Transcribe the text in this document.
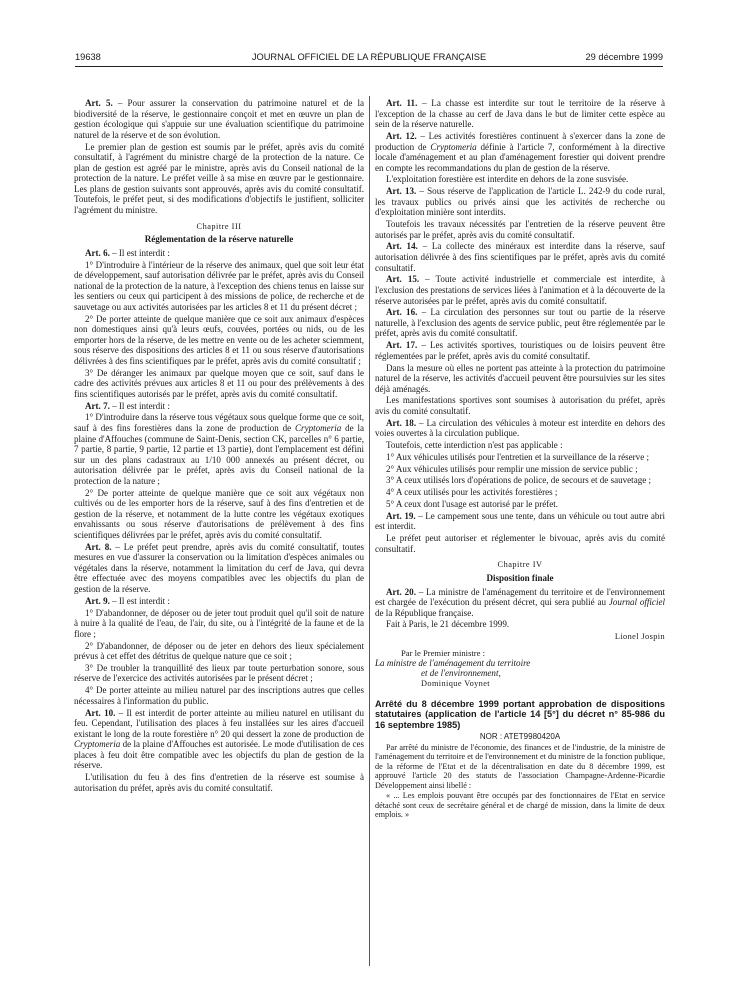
19638	JOURNAL OFFICIEL DE LA RÉPUBLIQUE FRANÇAISE	29 décembre 1999

Art. 5. – Pour assurer la conservation du patrimoine naturel et de la biodiversité de la réserve, le gestionnaire conçoit et met en œuvre un plan de gestion écologique qui s'appuie sur une évaluation scientifique du patrimoine naturel de la réserve et de son évolution.

Le premier plan de gestion est soumis par le préfet, après avis du comité consultatif, à l'agrément du ministre chargé de la protection de la nature. Ce plan de gestion est agréé par le ministre, après avis du Conseil national de la protection de la nature. Le préfet veille à sa mise en œuvre par le gestionnaire. Les plans de gestion suivants sont approuvés, après avis du comité consultatif. Toutefois, le préfet peut, si des modifications d'objectifs le justifient, solliciter l'agrément du ministre.

Chapitre III
Réglementation de la réserve naturelle

Art. 6. – Il est interdit :

1° D'introduire à l'intérieur de la réserve des animaux, quel que soit leur état de développement, sauf autorisation délivrée par le préfet, après avis du Conseil national de la protection de la nature, à l'exception des chiens tenus en laisse sur les sentiers ou ceux qui participent à des missions de police, de recherche et de sauvetage ou aux activités autorisées par les articles 8 et 11 du présent décret ;

2° De porter atteinte de quelque manière que ce soit aux animaux d'espèces non domestiques ainsi qu'à leurs œufs, couvées, portées ou nids, ou de les emporter hors de la réserve, de les mettre en vente ou de les acheter sciemment, sous réserve des dispositions des articles 8 et 11 ou sous réserve d'autorisations délivrées à des fins scientifiques par le préfet, après avis du comité consultatif ;

3° De déranger les animaux par quelque moyen que ce soit, sauf dans le cadre des activités prévues aux articles 8 et 11 ou pour des prélèvements à des fins scientifiques autorisés par le préfet, après avis du comité consultatif.

Art. 7. – Il est interdit :

1° D'introduire dans la réserve tous végétaux sous quelque forme que ce soit, sauf à des fins forestières dans la zone de production de Cryptomeria de la plaine d'Affouches (commune de Saint-Denis, section CK, parcelles n° 6 partie, 7 partie, 8 partie, 9 partie, 12 partie et 13 partie), dont l'emplacement est défini sur un des plans cadastraux au 1/10 000 annexés au présent décret, ou autorisation délivrée par le préfet, après avis du Conseil national de la protection de la nature ;

2° De porter atteinte de quelque manière que ce soit aux végétaux non cultivés ou de les emporter hors de la réserve, sauf à des fins d'entretien et de gestion de la réserve, et notamment de la lutte contre les végétaux exotiques envahissants ou sous réserve d'autorisations de prélèvement à des fins scientifiques délivrées par le préfet, après avis du comité consultatif.

Art. 8. – Le préfet peut prendre, après avis du comité consultatif, toutes mesures en vue d'assurer la conservation ou la limitation d'espèces animales ou végétales dans la réserve, notamment la limitation du cerf de Java, qui devra être effectuée avec des moyens compatibles avec les objectifs du plan de gestion de la réserve.

Art. 9. – Il est interdit :

1° D'abandonner, de déposer ou de jeter tout produit quel qu'il soit de nature à nuire à la qualité de l'eau, de l'air, du site, ou à l'intégrité de la faune et de la flore ;

2° D'abandonner, de déposer ou de jeter en dehors des lieux spécialement prévus à cet effet des détritus de quelque nature que ce soit ;

3° De troubler la tranquillité des lieux par toute perturbation sonore, sous réserve de l'exercice des activités autorisées par le présent décret ;

4° De porter atteinte au milieu naturel par des inscriptions autres que celles nécessaires à l'information du public.

Art. 10. – Il est interdit de porter atteinte au milieu naturel en utilisant du feu. Cependant, l'utilisation des places à feu installées sur les aires d'accueil existant le long de la route forestière n° 20 qui dessert la zone de production de Cryptomeria de la plaine d'Affouches est autorisée. Le mode d'utilisation de ces places à feu doit être compatible avec les objectifs du plan de gestion de la réserve.

L'utilisation du feu à des fins d'entretien de la réserve est soumise à autorisation du préfet, après avis du comité consultatif.

Art. 11. – La chasse est interdite sur tout le territoire de la réserve à l'exception de la chasse au cerf de Java dans le but de limiter cette espèce au sein de la réserve naturelle.

Art. 12. – Les activités forestières continuent à s'exercer dans la zone de production de Cryptomeria définie à l'article 7, conformément à la directive locale d'aménagement et au plan d'aménagement forestier qui doivent prendre en compte les recommandations du plan de gestion de la réserve.

L'exploitation forestière est interdite en dehors de la zone susvisée.

Art. 13. – Sous réserve de l'application de l'article L. 242-9 du code rural, les travaux publics ou privés ainsi que les activités de recherche ou d'exploitation minière sont interdits.

Toutefois les travaux nécessités par l'entretien de la réserve peuvent être autorisés par le préfet, après avis du comité consultatif.

Art. 14. – La collecte des minéraux est interdite dans la réserve, sauf autorisation délivrée à des fins scientifiques par le préfet, après avis du comité consultatif.

Art. 15. – Toute activité industrielle et commerciale est interdite, à l'exclusion des prestations de services liées à l'animation et à la découverte de la réserve autorisées par le préfet, après avis du comité consultatif.

Art. 16. – La circulation des personnes sur tout ou partie de la réserve naturelle, à l'exclusion des agents de service public, peut être réglementée par le préfet, après avis du comité consultatif.

Art. 17. – Les activités sportives, touristiques ou de loisirs peuvent être réglementées par le préfet, après avis du comité consultatif.

Dans la mesure où elles ne portent pas atteinte à la protection du patrimoine naturel de la réserve, les activités d'accueil peuvent être poursuivies sur les sites déjà aménagés.

Les manifestations sportives sont soumises à autorisation du préfet, après avis du comité consultatif.

Art. 18. – La circulation des véhicules à moteur est interdite en dehors des voies ouvertes à la circulation publique.

Toutefois, cette interdiction n'est pas applicable :

1° Aux véhicules utilisés pour l'entretien et la surveillance de la réserve ;

2° Aux véhicules utilisés pour remplir une mission de service public ;

3° A ceux utilisés lors d'opérations de police, de secours et de sauvetage ;

4° A ceux utilisés pour les activités forestières ;

5° A ceux dont l'usage est autorisé par le préfet.

Art. 19. – Le campement sous une tente, dans un véhicule ou tout autre abri est interdit.

Le préfet peut autoriser et réglementer le bivouac, après avis du comité consultatif.

Chapitre IV
Disposition finale

Art. 20. – La ministre de l'aménagement du territoire et de l'environnement est chargée de l'exécution du présent décret, qui sera publié au Journal officiel de la République française.

Fait à Paris, le 21 décembre 1999.

Lionel Jospin
Par le Premier ministre :
La ministre de l'aménagement du territoire
et de l'environnement,
Dominique Voynet

Arrêté du 8 décembre 1999 portant approbation de dispositions statutaires (application de l'article 14 [5°] du décret n° 85-986 du 16 septembre 1985)

NOR : ATET9980420A

Par arrêté du ministre de l'économie, des finances et de l'industrie, de la ministre de l'aménagement du territoire et de l'environnement et du ministre de la fonction publique, de la réforme de l'Etat et de la décentralisation en date du 8 décembre 1999, est approuvé l'article 20 des statuts de l'association Champagne-Ardenne-Picardie Développement ainsi libellé :

« ... Les emplois pouvant être occupés par des fonctionnaires de l'Etat en service détaché sont ceux de secrétaire général et de chargé de mission, dans la limite de deux emplois. »
